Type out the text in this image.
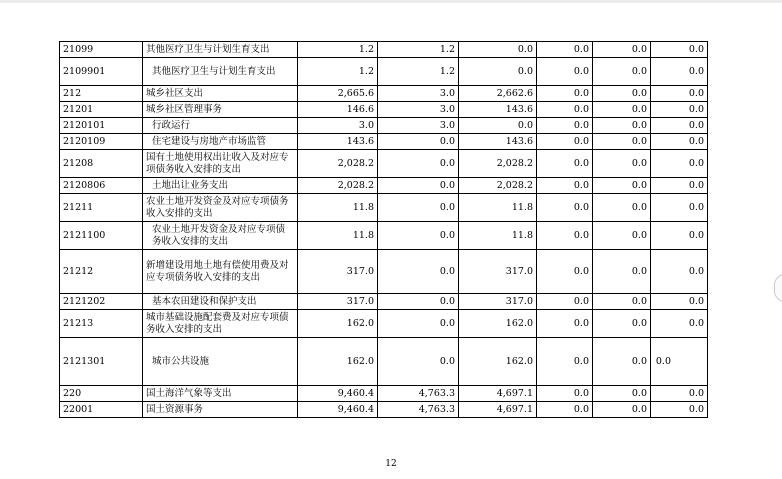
21099	其他医疗卫生与计划生育支出	1.2	1.2	0.0	0.0	0.0	0.0
2109901	其他医疗卫生与计划生育支出	1.2	1.2	0.0	0.0	0.0	0.0
212	城乡社区支出	2,665.6	3.0	2,662.6	0.0	0.0	0.0
21201	城乡社区管理事务	146.6	3.0	143.6	0.0	0.0	0.0
2120101	行政运行	3.0	3.0	0.0	0.0	0.0	0.0
2120109	住宅建设与房地产市场监管	143.6	0.0	143.6	0.0	0.0	0.0
21208	国有土地使用权出让收入及对应专项债务收入安排的支出	2,028.2	0.0	2,028.2	0.0	0.0	0.0
2120806	土地出让业务支出	2,028.2	0.0	2,028.2	0.0	0.0	0.0
21211	农业土地开发资金及对应专项债务收入安排的支出	11.8	0.0	11.8	0.0	0.0	0.0
2121100	农业土地开发资金及对应专项债务收入安排的支出	11.8	0.0	11.8	0.0	0.0	0.0
21212	新增建设用地土地有偿使用费及对应专项债务收入安排的支出	317.0	0.0	317.0	0.0	0.0	0.0
2121202	基本农田建设和保护支出	317.0	0.0	317.0	0.0	0.0	0.0
21213	城市基础设施配套费及对应专项债务收入安排的支出	162.0	0.0	162.0	0.0	0.0	0.0
2121301	城市公共设施	162.0	0.0	162.0	0.0	0.0	0.0
220	国土海洋气象等支出	9,460.4	4,763.3	4,697.1	0.0	0.0	0.0
22001	国土资源事务	9,460.4	4,763.3	4,697.1	0.0	0.0	0.0
12
